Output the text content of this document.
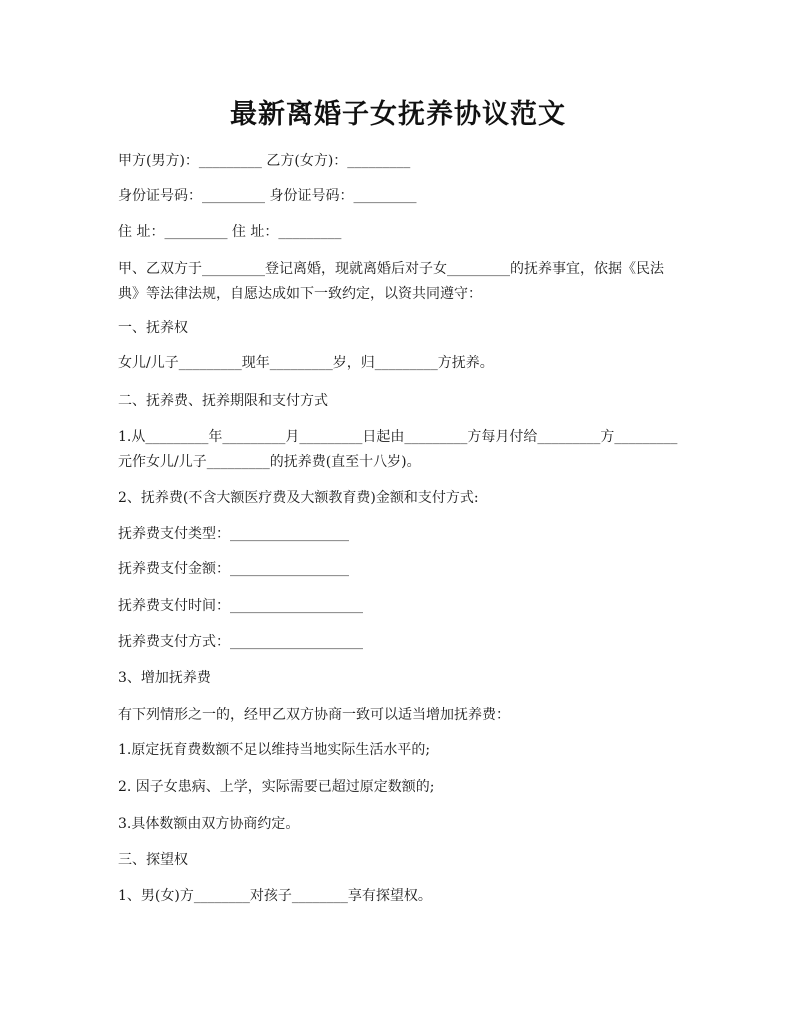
最新离婚子女抚养协议范文

甲方(男方)：_________ 乙方(女方)：_________

身份证号码：_________ 身份证号码：_________

住 址：_________ 住 址：_________

甲、乙双方于_________登记离婚，现就离婚后对子女_________的抚养事宜，依据《民法典》等法律法规，自愿达成如下一致约定，以资共同遵守：

一、抚养权

女儿/儿子_________现年_________岁，归_________方抚养。

二、抚养费、抚养期限和支付方式

1.从_________年_________月_________日起由_________方每月付给_________方_________元作女儿/儿子_________的抚养费(直至十八岁)。

2、抚养费(不含大额医疗费及大额教育费)金额和支付方式:

抚养费支付类型：_________________

抚养费支付金额：_________________

抚养费支付时间：___________________

抚养费支付方式：___________________

3、增加抚养费

有下列情形之一的，经甲乙双方协商一致可以适当增加抚养费：

1.原定抚育费数额不足以维持当地实际生活水平的;

2. 因子女患病、上学，实际需要已超过原定数额的;

3.具体数额由双方协商约定。

三、探望权

1、男(女)方________对孩子________享有探望权。
